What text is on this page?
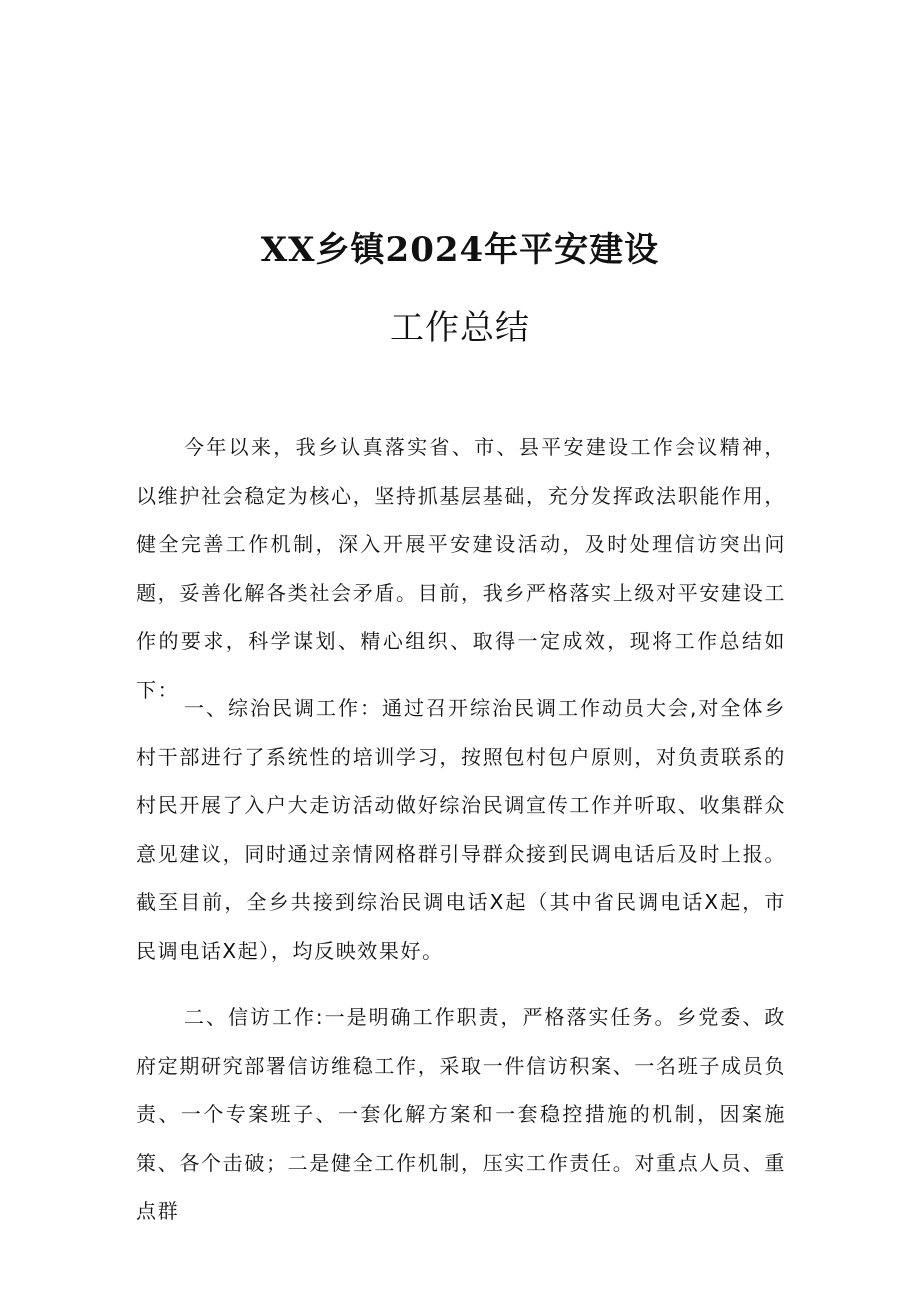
XX乡镇2024年平安建设
工作总结

今年以来，我乡认真落实省、市、县平安建设工作会议精神，以维护社会稳定为核心，坚持抓基层基础，充分发挥政法职能作用，健全完善工作机制，深入开展平安建设活动，及时处理信访突出问题，妥善化解各类社会矛盾。目前，我乡严格落实上级对平安建设工作的要求，科学谋划、精心组织、取得一定成效，现将工作总结如下：

一、综治民调工作：通过召开综治民调工作动员大会,对全体乡村干部进行了系统性的培训学习，按照包村包户原则，对负责联系的村民开展了入户大走访活动做好综治民调宣传工作并听取、收集群众意见建议，同时通过亲情网格群引导群众接到民调电话后及时上报。截至目前，全乡共接到综治民调电话X起（其中省民调电话X起，市民调电话X起），均反映效果好。

二、信访工作:一是明确工作职责，严格落实任务。乡党委、政府定期研究部署信访维稳工作，采取一件信访积案、一名班子成员负责、一个专案班子、一套化解方案和一套稳控措施的机制，因案施策、各个击破；二是健全工作机制，压实工作责任。对重点人员、重点群
